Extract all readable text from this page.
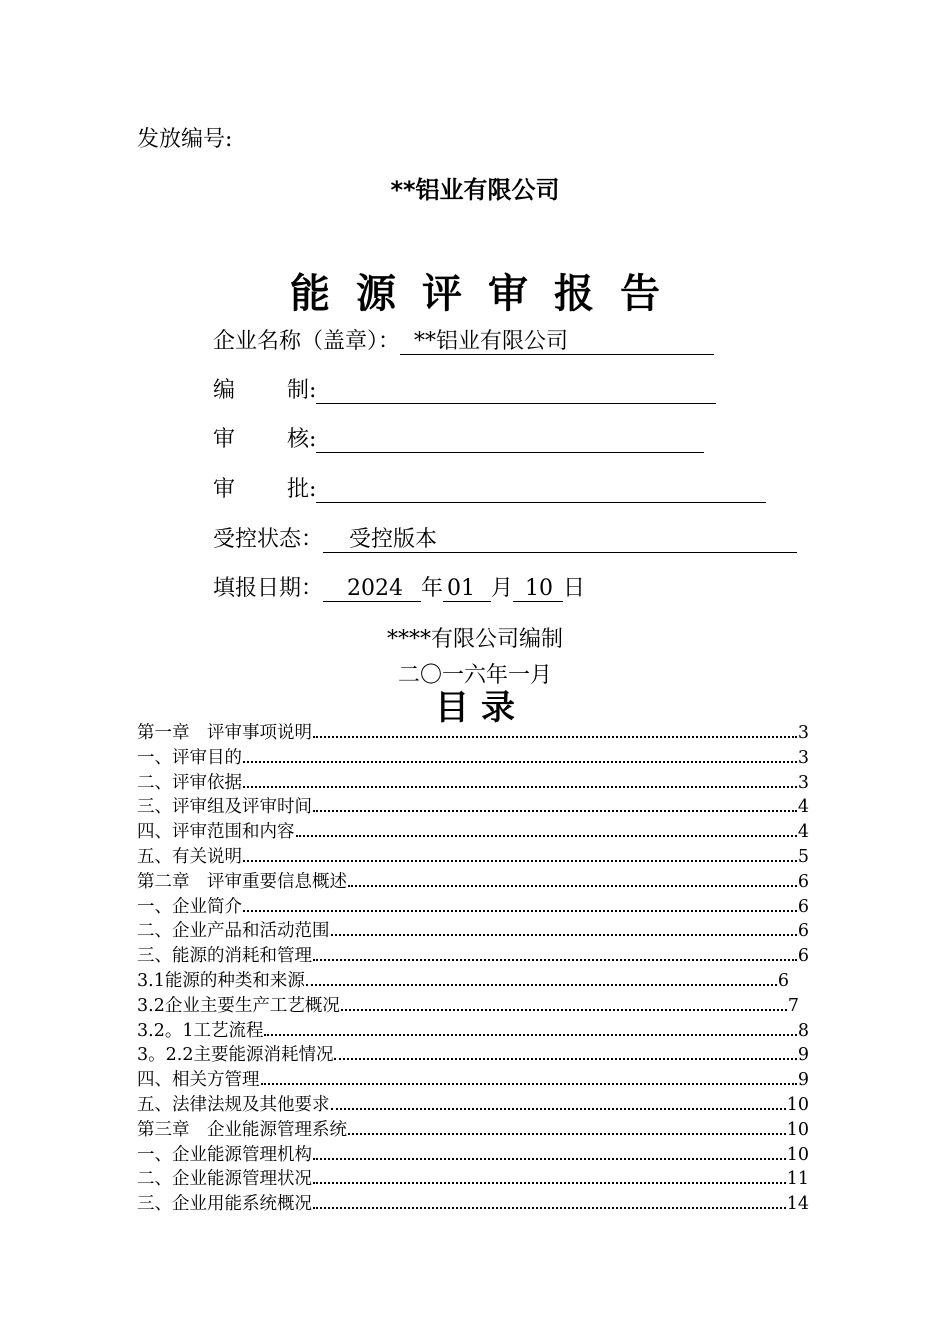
发放编号:
**铝业有限公司
能源评审报告
企业名称（盖章）： **铝业有限公司
编	制:
审	核:
审	批:
受控状态：	受控版本
填报日期：	2024 年 01 月 10 日
****有限公司编制
二〇一六年一月
目录
第一章　评审事项说明	3
一、评审目的	3
二、评审依据	3
三、评审组及评审时间	4
四、评审范围和内容	4
五、有关说明	5
第二章　评审重要信息概述	6
一、企业简介	6
二、企业产品和活动范围	6
三、能源的消耗和管理	6
3.1能源的种类和来源	6
3.2企业主要生产工艺概况	7
3.2。1工艺流程	8
3。2.2主要能源消耗情况	9
四、相关方管理	9
五、法律法规及其他要求	10
第三章　企业能源管理系统	10
一、企业能源管理机构	10
二、企业能源管理状况	11
三、企业用能系统概况	14
